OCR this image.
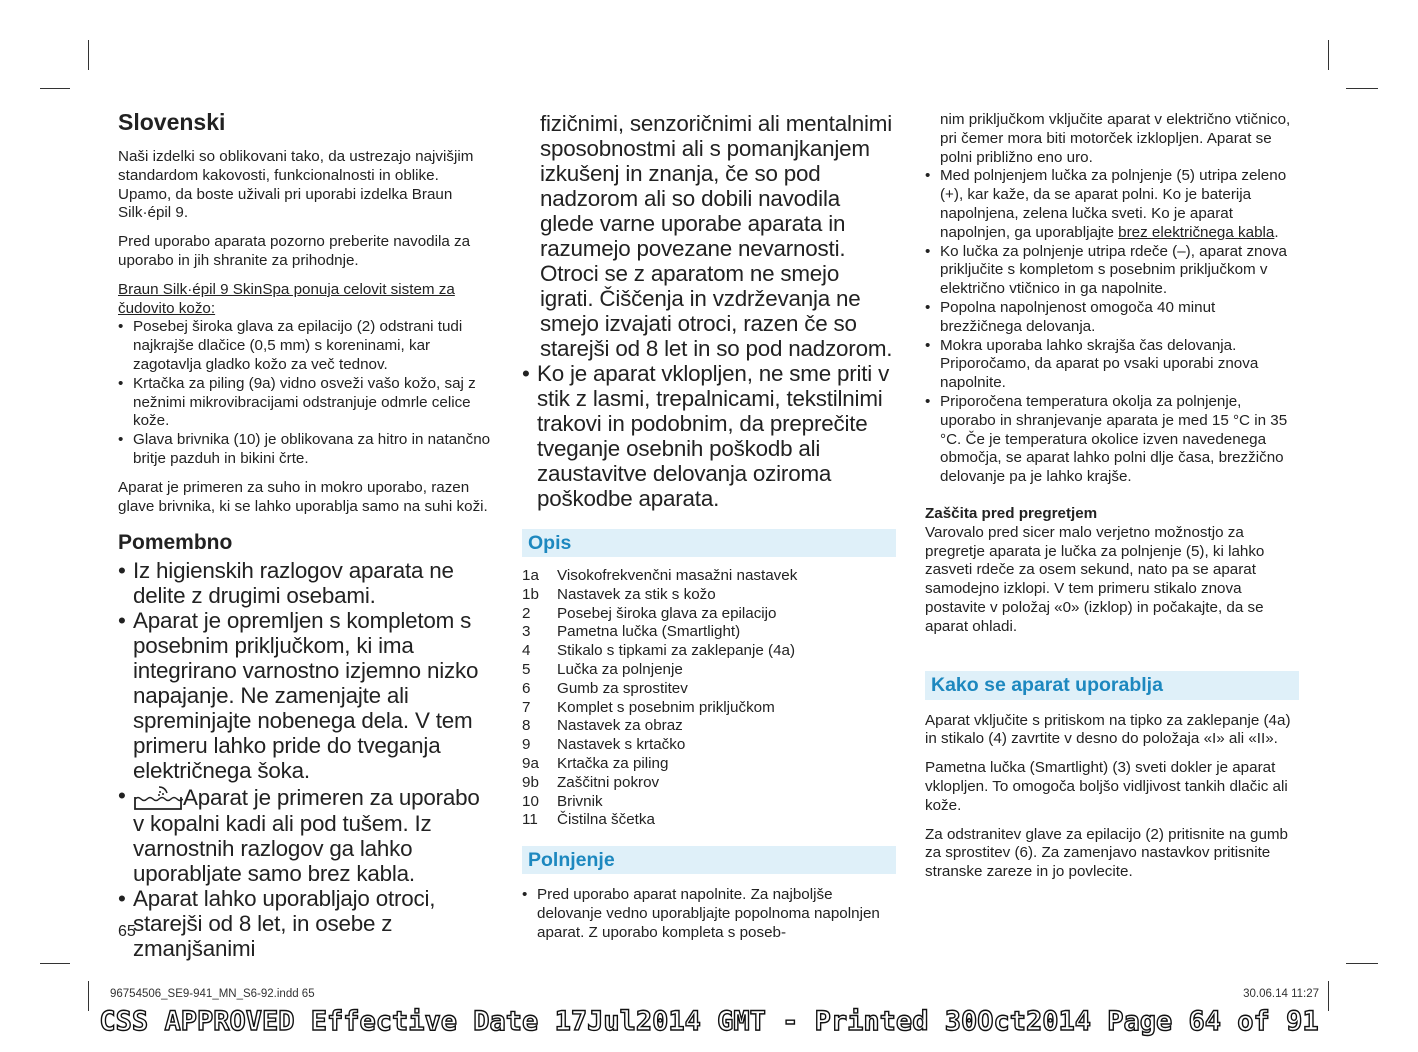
Slovenski

Naši izdelki so oblikovani tako, da ustrezajo najvišjim standardom kakovosti, funkcionalnosti in oblike. Upamo, da boste uživali pri uporabi izdelka Braun Silk·épil 9.

Pred uporabo aparata pozorno preberite navodila za uporabo in jih shranite za prihodnje.

Braun Silk·épil 9 SkinSpa ponuja celovit sistem za čudovito kožo:

• Posebej široka glava za epilacijo (2) odstrani tudi najkrajše dlačice (0,5 mm) s koreninami, kar zagotavlja gladko kožo za več tednov.
• Krtačka za piling (9a) vidno osveži vašo kožo, saj z nežnimi mikrovibracijami odstranjuje odmrle celice kože.
• Glava brivnika (10) je oblikovana za hitro in natančno britje pazduh in bikini črte.

Aparat je primeren za suho in mokro uporabo, razen glave brivnika, ki se lahko uporablja samo na suhi koži.

Pomembno
• Iz higienskih razlogov aparata ne delite z drugimi osebami.
• Aparat je opremljen s kompletom s posebnim priključkom, ki ima integrirano varnostno izjemno nizko napajanje. Ne zamenjajte ali spreminjajte nobenega dela. V tem primeru lahko pride do tveganja električnega šoka.
• Aparat je primeren za uporabo v kopalni kadi ali pod tušem. Iz varnostnih razlogov ga lahko uporabljate samo brez kabla.
• Aparat lahko uporabljajo otroci, starejši od 8 let, in osebe z zmanjšanimi
65

fizičnimi, senzoričnimi ali mentalnimi sposobnostmi ali s pomanjkanjem izkušenj in znanja, če so pod nadzorom ali so dobili navodila glede varne uporabe aparata in razumejo povezane nevarnosti. Otroci se z aparatom ne smejo igrati. Čiščenja in vzdrževanja ne smejo izvajati otroci, razen če so starejši od 8 let in so pod nadzorom.

• Ko je aparat vklopljen, ne sme priti v stik z lasmi, trepalnicami, tekstilnimi trakovi in podobnim, da preprečite tveganje osebnih poškodb ali zaustavitve delovanja oziroma poškodbe aparata.
Opis
1a	Visokofrekvenčni masažni nastavek
1b	Nastavek za stik s kožo
2	Posebej široka glava za epilacijo
3	Pametna lučka (Smartlight)
4	Stikalo s tipkami za zaklepanje (4a)
5	Lučka za polnjenje
6	Gumb za sprostitev
7	Komplet s posebnim priključkom
8	Nastavek za obraz
9	Nastavek s krtačko
9a	Krtačka za piling
9b	Zaščitni pokrov
10	Brivnik
11	Čistilna ščetka
Polnjenje
• Pred uporabo aparat napolnite. Za najboljše delovanje vedno uporabljajte popolnoma napolnjen aparat. Z uporabo kompleta s poseb-

nim priključkom vključite aparat v električno vtičnico, pri čemer mora biti motorček izklopljen. Aparat se polni približno eno uro.

• Med polnjenjem lučka za polnjenje (5) utripa zeleno (+), kar kaže, da se aparat polni. Ko je baterija napolnjena, zelena lučka sveti. Ko je aparat napolnjen, ga uporabljajte brez električnega kabla.
• Ko lučka za polnjenje utripa rdeče (–), aparat znova priključite s kompletom s posebnim priključkom v električno vtičnico in ga napolnite.
• Popolna napolnjenost omogoča 40 minut brezžičnega delovanja.
• Mokra uporaba lahko skrajša čas delovanja. Priporočamo, da aparat po vsaki uporabi znova napolnite.
• Priporočena temperatura okolja za polnjenje, uporabo in shranjevanje aparata je med 15 °C in 35 °C. Če je temperatura okolice izven navedenega območja, se aparat lahko polni dlje časa, brezžično delovanje pa je lahko krajše.

Zaščita pred pregretjem

Varovalo pred sicer malo verjetno možnostjo za pregretje aparata je lučka za polnjenje (5), ki lahko zasveti rdeče za osem sekund, nato pa se aparat samodejno izklopi. V tem primeru stikalo znova postavite v položaj «0» (izklop) in počakajte, da se aparat ohladi.

Kako se aparat uporablja

Aparat vključite s pritiskom na tipko za zaklepanje (4a) in stikalo (4) zavrtite v desno do položaja «I» ali «II».

Pametna lučka (Smartlight) (3) sveti dokler je aparat vklopljen. To omogoča boljšo vidljivost tankih dlačic ali kože.

Za odstranitev glave za epilacijo (2) pritisnite na gumb za sprostitev (6). Za zamenjavo nastavkov pritisnite stranske zareze in jo povlecite.

96754506_SE9-941_MN_S6-92.indd 65	30.06.14 11:27
CSS APPROVED Effective Date 17Jul2014 GMT - Printed 30Oct2014 Page 64 of 91
